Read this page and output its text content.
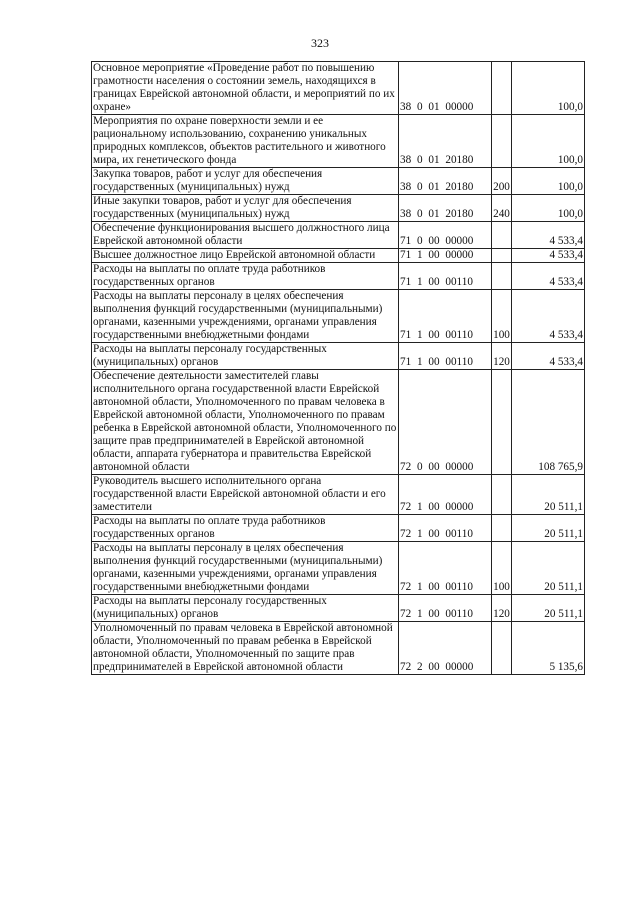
323
Основное мероприятие «Проведение работ по повышению грамотности населения о состоянии земель, находящихся в границах Еврейской автономной области, и мероприятий по их охране»	38 0 01 00000		100,0
Мероприятия по охране поверхности земли и ее рациональному использованию, сохранению уникальных природных комплексов, объектов растительного и животного мира, их генетического фонда	38 0 01 20180		100,0
Закупка товаров, работ и услуг для обеспечения государственных (муниципальных) нужд	38 0 01 20180	200	100,0
Иные закупки товаров, работ и услуг для обеспечения государственных (муниципальных) нужд	38 0 01 20180	240	100,0
Обеспечение функционирования высшего должностного лица Еврейской автономной области	71 0 00 00000		4 533,4
Высшее должностное лицо Еврейской автономной области	71 1 00 00000		4 533,4
Расходы на выплаты по оплате труда работников государственных органов	71 1 00 00110		4 533,4
Расходы на выплаты персоналу в целях обеспечения выполнения функций государственными (муниципальными) органами, казенными учреждениями, органами управления государственными внебюджетными фондами	71 1 00 00110	100	4 533,4
Расходы на выплаты персоналу государственных (муниципальных) органов	71 1 00 00110	120	4 533,4
Обеспечение деятельности заместителей главы исполнительного органа государственной власти Еврейской автономной области, Уполномоченного по правам человека в Еврейской автономной области, Уполномоченного по правам ребенка в Еврейской автономной области, Уполномоченного по защите прав предпринимателей в Еврейской автономной области, аппарата губернатора и правительства Еврейской автономной области	72 0 00 00000		108 765,9
Руководитель высшего исполнительного органа государственной власти Еврейской автономной области и его заместители	72 1 00 00000		20 511,1
Расходы на выплаты по оплате труда работников государственных органов	72 1 00 00110		20 511,1
Расходы на выплаты персоналу в целях обеспечения выполнения функций государственными (муниципальными) органами, казенными учреждениями, органами управления государственными внебюджетными фондами	72 1 00 00110	100	20 511,1
Расходы на выплаты персоналу государственных (муниципальных) органов	72 1 00 00110	120	20 511,1
Уполномоченный по правам человека в Еврейской автономной области, Уполномоченный по правам ребенка в Еврейской автономной области, Уполномоченный по защите прав предпринимателей в Еврейской автономной области	72 2 00 00000		5 135,6
